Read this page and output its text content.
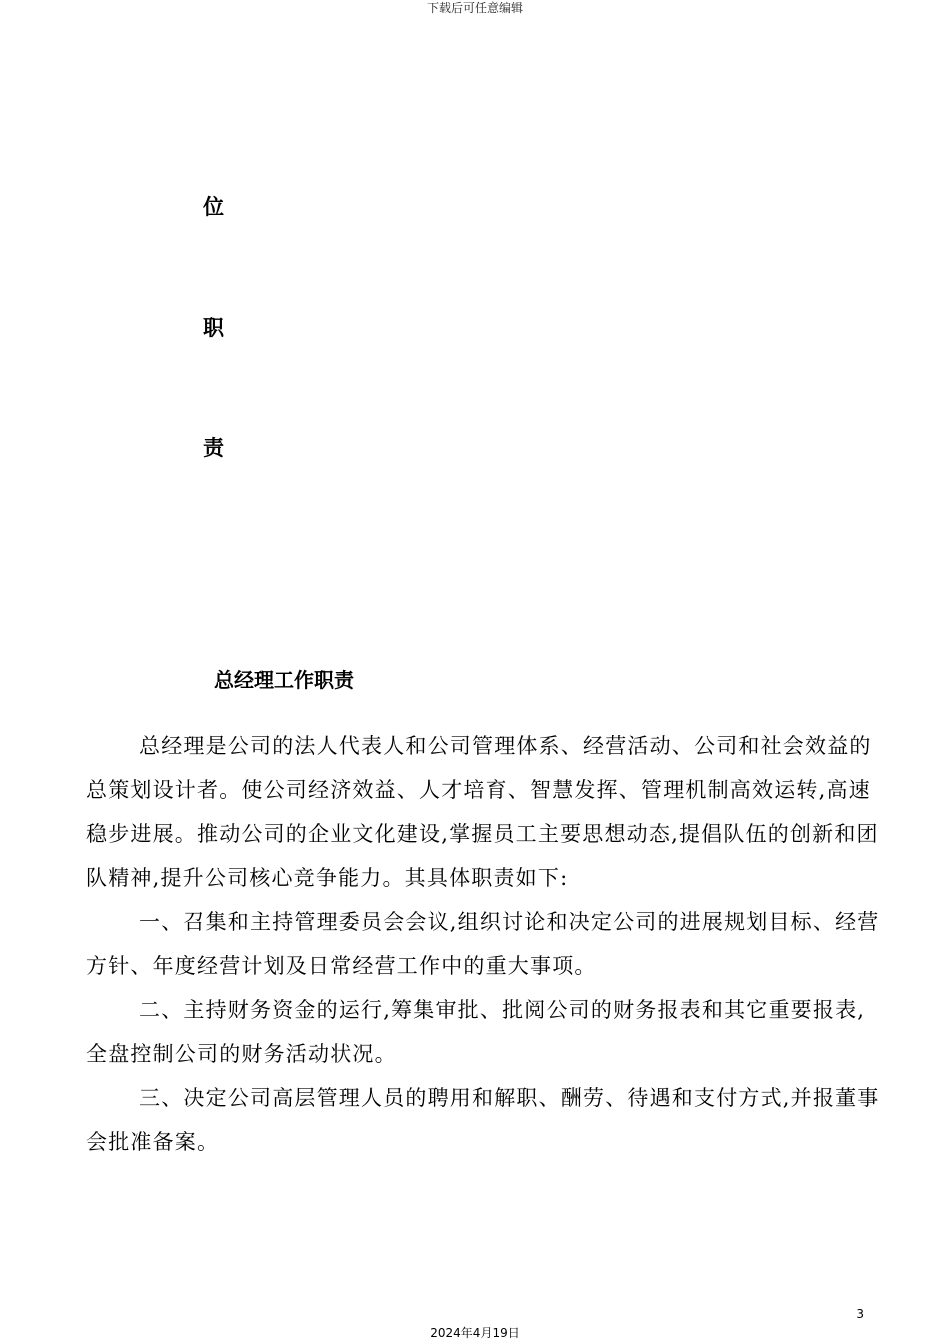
下载后可任意编辑
位
职
责
总经理工作职责

总经理是公司的法人代表人和公司管理体系、经营活动、公司和社会效益的总策划设计者。使公司经济效益、人才培育、智慧发挥、管理机制高效运转,高速稳步进展。推动公司的企业文化建设,掌握员工主要思想动态,提倡队伍的创新和团队精神,提升公司核心竞争能力。其具体职责如下:

一、召集和主持管理委员会会议,组织讨论和决定公司的进展规划目标、经营方针、年度经营计划及日常经营工作中的重大事项。

二、主持财务资金的运行,筹集审批、批阅公司的财务报表和其它重要报表,全盘控制公司的财务活动状况。

三、决定公司高层管理人员的聘用和解职、酬劳、待遇和支付方式,并报董事会批准备案。

3
2024年4月19日
